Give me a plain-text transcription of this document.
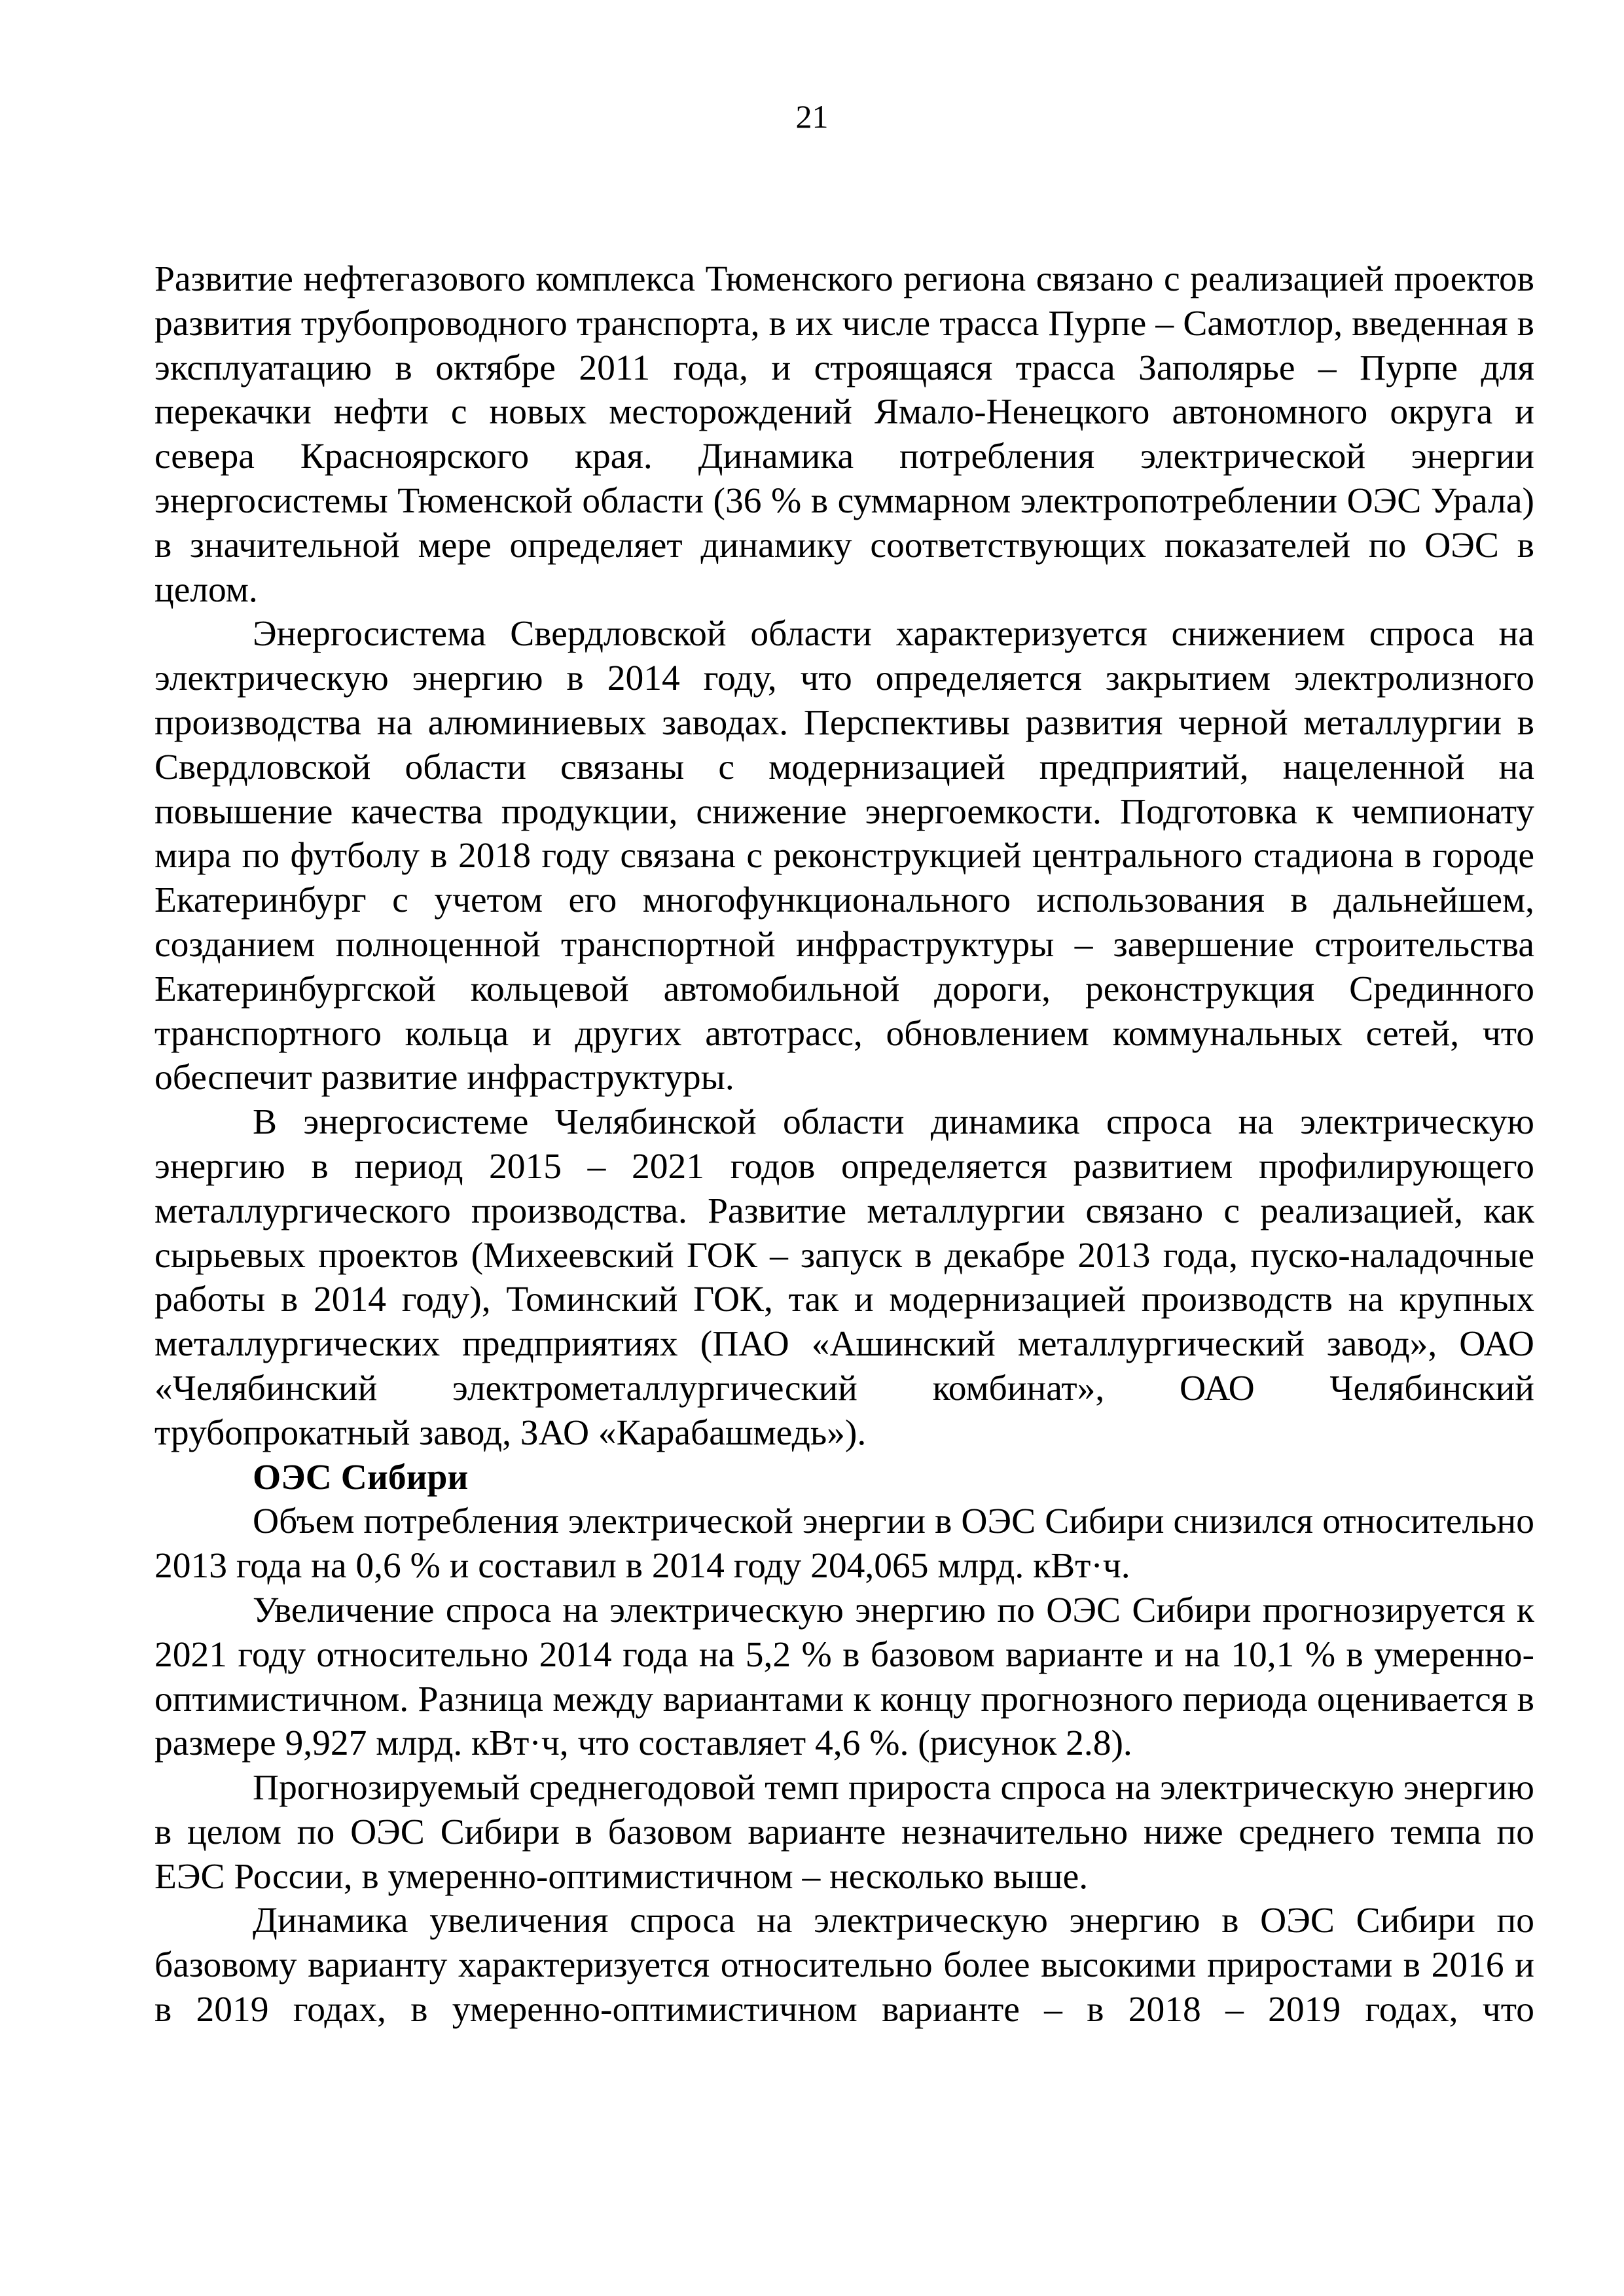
21

Развитие нефтегазового комплекса Тюменского региона связано с реализацией проектов развития трубопроводного транспорта, в их числе трасса Пурпе – Самотлор, введенная в эксплуатацию в октябре 2011 года, и строящаяся трасса Заполярье – Пурпе для перекачки нефти с новых месторождений Ямало-Ненецкого автономного округа и севера Красноярского края. Динамика потребления электрической энергии энергосистемы Тюменской области (36 % в суммарном электропотреблении ОЭС Урала) в значительной мере определяет динамику соответствующих показателей по ОЭС в целом.

Энергосистема Свердловской области характеризуется снижением спроса на электрическую энергию в 2014 году, что определяется закрытием электролизного производства на алюминиевых заводах. Перспективы развития черной металлургии в Свердловской области связаны с модернизацией предприятий, нацеленной на повышение качества продукции, снижение энергоемкости. Подготовка к чемпионату мира по футболу в 2018 году связана с реконструкцией центрального стадиона в городе Екатеринбург с учетом его многофункционального использования в дальнейшем, созданием полноценной транспортной инфраструктуры – завершение строительства Екатеринбургской кольцевой автомобильной дороги, реконструкция Срединного транспортного кольца и других автотрасс, обновлением коммунальных сетей, что обеспечит развитие инфраструктуры.

В энергосистеме Челябинской области динамика спроса на электрическую энергию в период 2015 – 2021 годов определяется развитием профилирующего металлургического производства. Развитие металлургии связано с реализацией, как сырьевых проектов (Михеевский ГОК – запуск в декабре 2013 года, пуско-наладочные работы в 2014 году), Томинский ГОК, так и модернизацией производств на крупных металлургических предприятиях (ПАО «Ашинский металлургический завод», ОАО «Челябинский электрометаллургический комбинат», ОАО Челябинский трубопрокатный завод, ЗАО «Карабашмедь»).

ОЭС Сибири

Объем потребления электрической энергии в ОЭС Сибири снизился относительно 2013 года на 0,6 % и составил в 2014 году 204,065 млрд. кВт·ч.

Увеличение спроса на электрическую энергию по ОЭС Сибири прогнозируется к 2021 году относительно 2014 года на 5,2 % в базовом варианте и на 10,1 % в умеренно-оптимистичном. Разница между вариантами к концу прогнозного периода оценивается в размере 9,927 млрд. кВт·ч, что составляет 4,6 %. (рисунок 2.8).

Прогнозируемый среднегодовой темп прироста спроса на электрическую энергию в целом по ОЭС Сибири в базовом варианте незначительно ниже среднего темпа по ЕЭС России, в умеренно-оптимистичном – несколько выше.

Динамика увеличения спроса на электрическую энергию в ОЭС Сибири по базовому варианту характеризуется относительно более высокими приростами в 2016 и в 2019 годах, в умеренно-оптимистичном варианте – в 2018 – 2019 годах, что
